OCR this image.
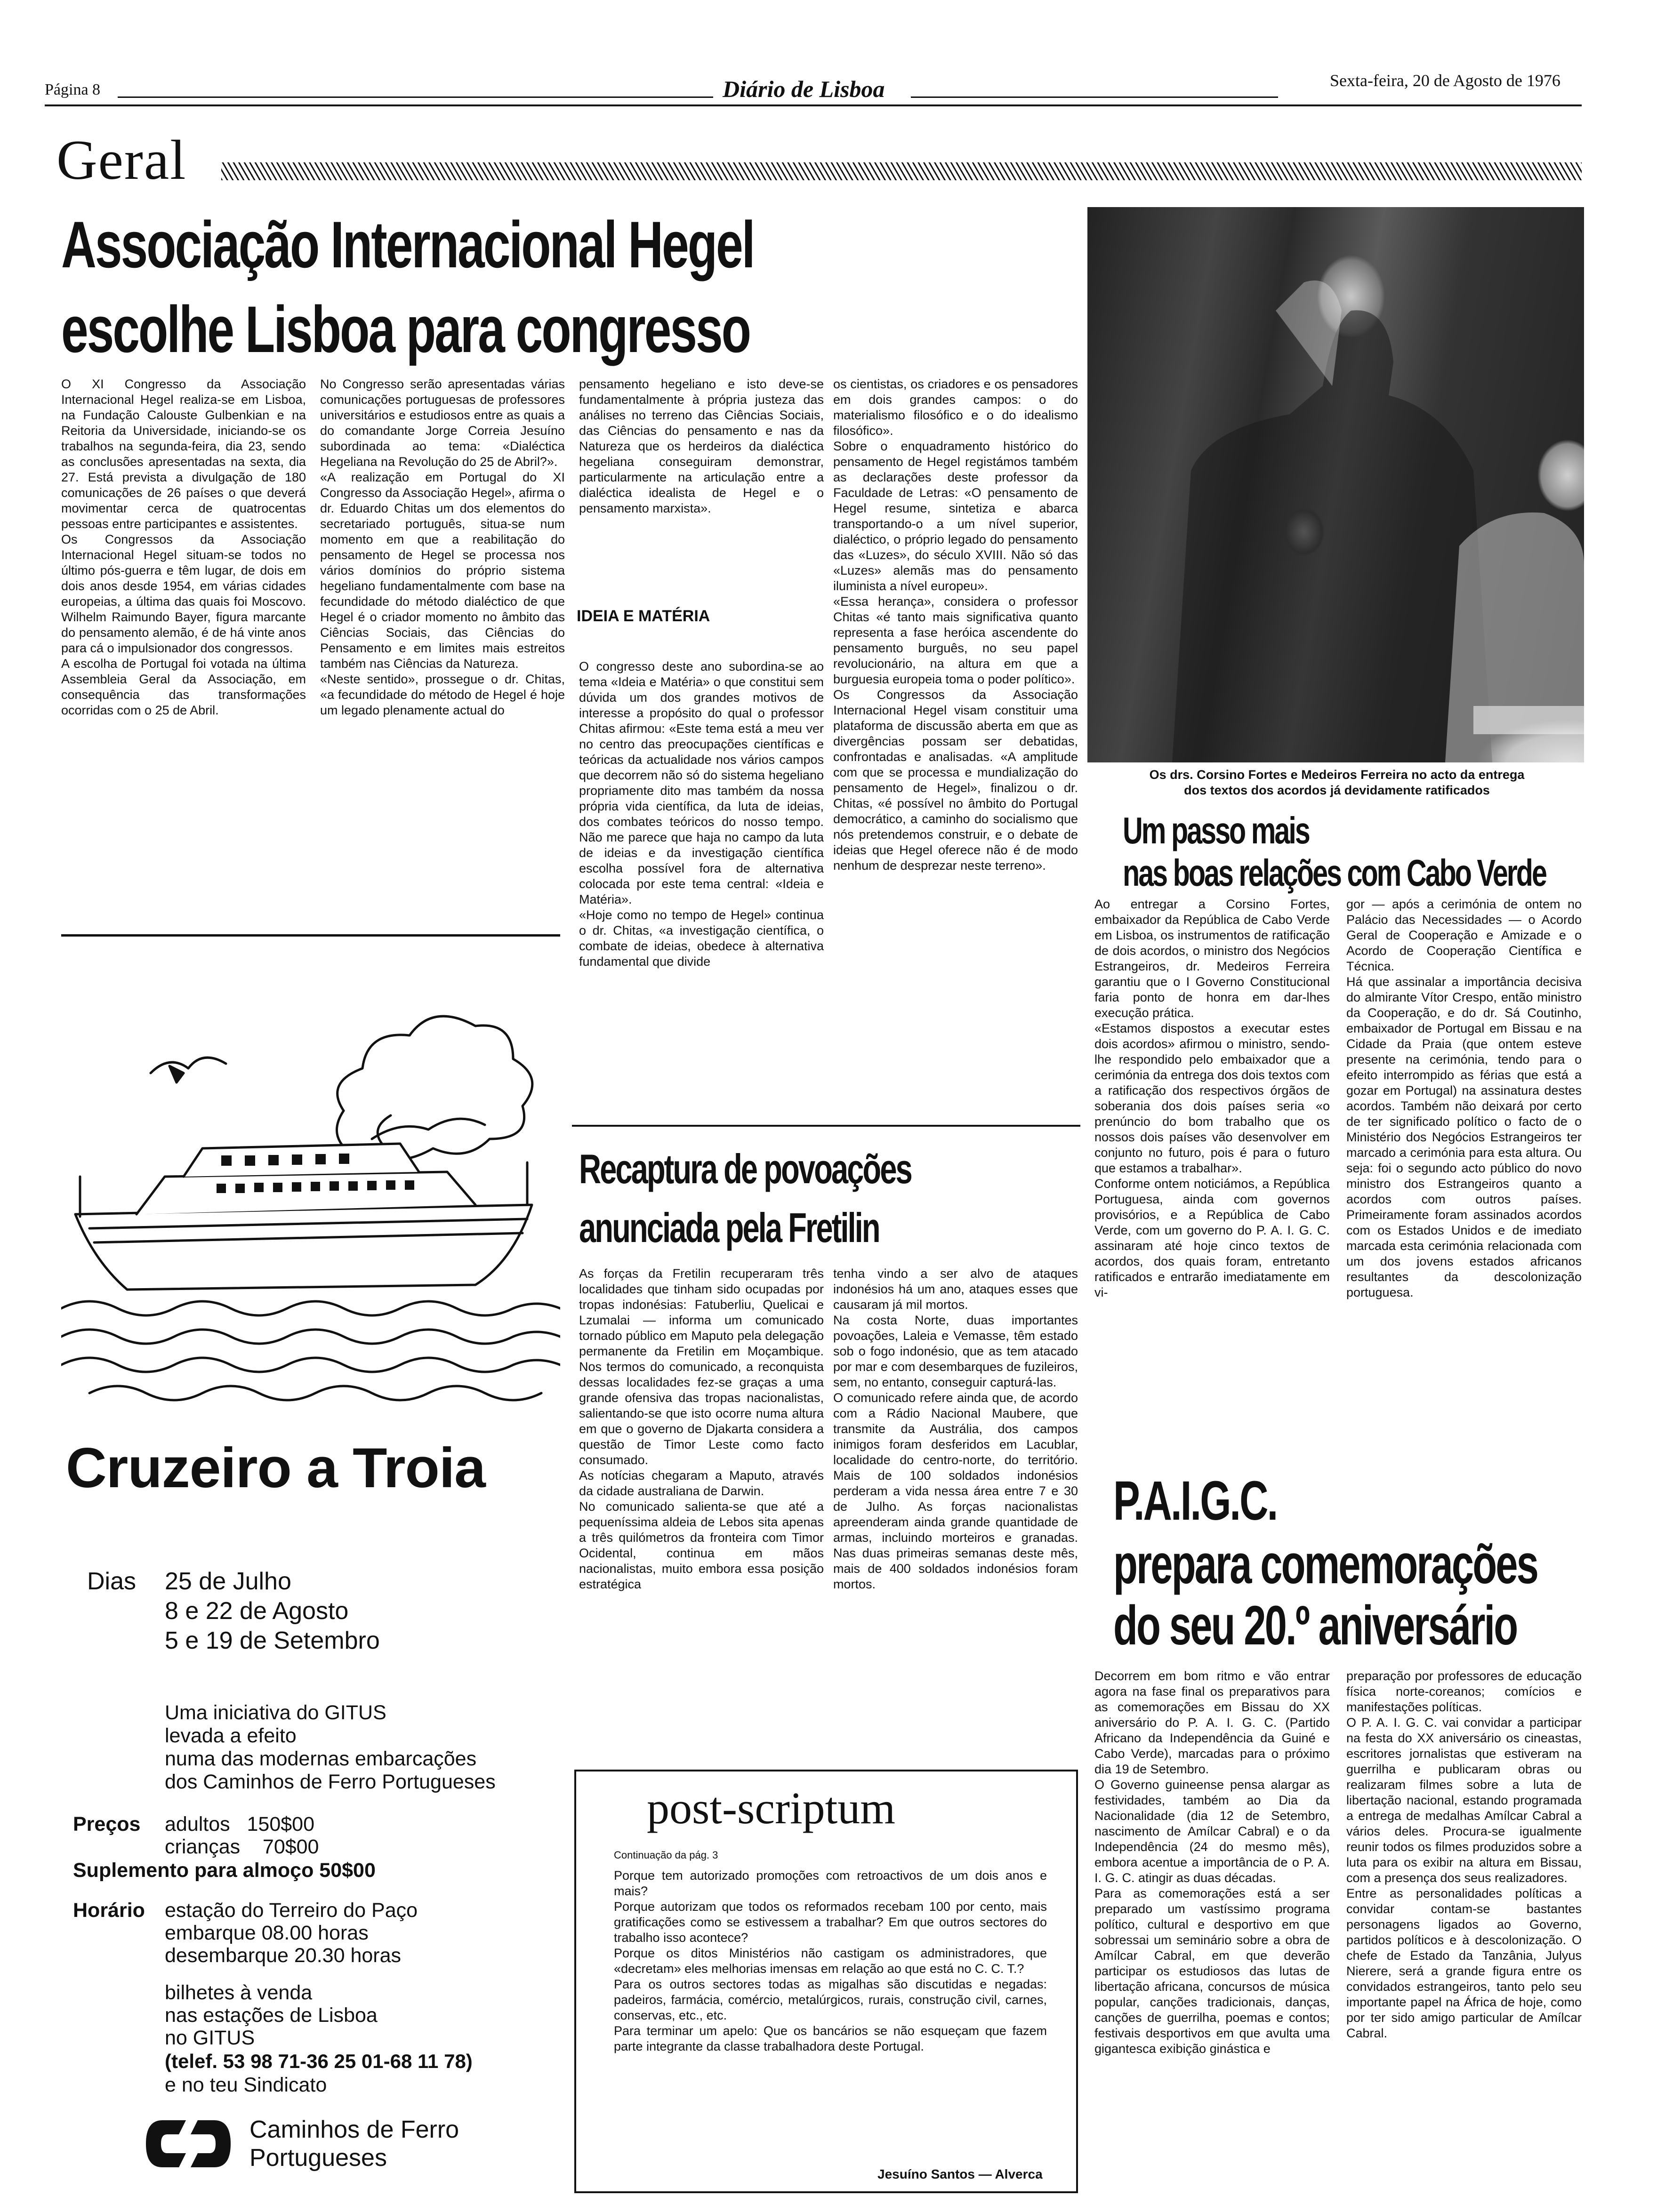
Página 8	Diário de Lisboa	Sexta-feira, 20 de Agosto de 1976
Geral
Associação Internacional Hegel
escolhe Lisboa para congresso
O XI Congresso da Associação Internacional Hegel realiza-se em Lisboa, na Fundação Calouste Gulbenkian e na Reitoria da Universidade, iniciando-se os trabalhos na segunda-feira, dia 23, sendo as conclusões apresentadas na sexta, dia 27. Está prevista a divulgação de 180 comunicações de 26 países o que deverá movimentar cerca de quatrocentas pessoas entre participantes e assistentes.
Os Congressos da Associação Internacional Hegel situam-se todos no último pós-guerra e têm lugar, de dois em dois anos desde 1954, em várias cidades europeias, a última das quais foi Moscovo. Wilhelm Raimundo Bayer, figura marcante do pensamento alemão, é de há vinte anos para cá o impulsionador dos congressos.
A escolha de Portugal foi votada na última Assembleia Geral da Associação, em consequência das transformações ocorridas com o 25 de Abril.
No Congresso serão apresentadas várias comunicações portuguesas de professores universitários e estudiosos entre as quais a do comandante Jorge Correia Jesuíno subordinada ao tema: «Dialéctica Hegeliana na Revolução do 25 de Abril?».
«A realização em Portugal do XI Congresso da Associação Hegel», afirma o dr. Eduardo Chitas um dos elementos do secretariado português, situa-se num momento em que a reabilitação do pensamento de Hegel se processa nos vários domínios do próprio sistema hegeliano fundamentalmente com base na fecundidade do método dialéctico de que Hegel é o criador momento no âmbito das Ciências Sociais, das Ciências do Pensamento e em limites mais estreitos também nas Ciências da Natureza.
«Neste sentido», prossegue o dr. Chitas, «a fecundidade do método de Hegel é hoje um legado plenamente actual do
pensamento hegeliano e isto deve-se fundamentalmente à própria justeza das análises no terreno das Ciências Sociais, das Ciências do pensamento e nas da Natureza que os herdeiros da dialéctica hegeliana conseguiram demonstrar, particularmente na articulação entre a dialéctica idealista de Hegel e o pensamento marxista».
IDEIA E MATÉRIA
O congresso deste ano subordina-se ao tema «Ideia e Matéria» o que constitui sem dúvida um dos grandes motivos de interesse a propósito do qual o professor Chitas afirmou: «Este tema está a meu ver no centro das preocupações científicas e teóricas da actualidade nos vários campos que decorrem não só do sistema hegeliano propriamente dito mas também da nossa própria vida científica, da luta de ideias, dos combates teóricos do nosso tempo. Não me parece que haja no campo da luta de ideias e da investigação científica escolha possível fora de alternativa colocada por este tema central: «Ideia e Matéria».
«Hoje como no tempo de Hegel» continua o dr. Chitas, «a investigação científica, o combate de ideias, obedece à alternativa fundamental que divide
os cientistas, os criadores e os pensadores em dois grandes campos: o do materialismo filosófico e o do idealismo filosófico».
Sobre o enquadramento histórico do pensamento de Hegel registámos também as declarações deste professor da Faculdade de Letras: «O pensamento de Hegel resume, sintetiza e abarca transportando-o a um nível superior, dialéctico, o próprio legado do pensamento das «Luzes», do século XVIII. Não só das «Luzes» alemãs mas do pensamento iluminista a nível europeu».
«Essa herança», considera o professor Chitas «é tanto mais significativa quanto representa a fase heróica ascendente do pensamento burguês, no seu papel revolucionário, na altura em que a burguesia europeia toma o poder político».
Os Congressos da Associação Internacional Hegel visam constituir uma plataforma de discussão aberta em que as divergências possam ser debatidas, confrontadas e analisadas. «A amplitude com que se processa e mundialização do pensamento de Hegel», finalizou o dr. Chitas, «é possível no âmbito do Portugal democrático, a caminho do socialismo que nós pretendemos construir, e o debate de ideias que Hegel oferece não é de modo nenhum de desprezar neste terreno».
Os drs. Corsino Fortes e Medeiros Ferreira no acto da entrega
dos textos dos acordos já devidamente ratificados
Um passo mais
nas boas relações com Cabo Verde
Ao entregar a Corsino Fortes, embaixador da República de Cabo Verde em Lisboa, os instrumentos de ratificação de dois acordos, o ministro dos Negócios Estrangeiros, dr. Medeiros Ferreira garantiu que o I Governo Constitucional faria ponto de honra em dar-lhes execução prática.
«Estamos dispostos a executar estes dois acordos» afirmou o ministro, sendo-lhe respondido pelo embaixador que a cerimónia da entrega dos dois textos com a ratificação dos respectivos órgãos de soberania dos dois países seria «o prenúncio do bom trabalho que os nossos dois países vão desenvolver em conjunto no futuro, pois é para o futuro que estamos a trabalhar».
Conforme ontem noticiámos, a República Portuguesa, ainda com governos provisórios, e a República de Cabo Verde, com um governo do P. A. I. G. C. assinaram até hoje cinco textos de acordos, dos quais foram, entretanto ratificados e entrarão imediatamente em vi-
gor — após a cerimónia de ontem no Palácio das Necessidades — o Acordo Geral de Cooperação e Amizade e o Acordo de Cooperação Científica e Técnica.
Há que assinalar a importância decisiva do almirante Vítor Crespo, então ministro da Cooperação, e do dr. Sá Coutinho, embaixador de Portugal em Bissau e na Cidade da Praia (que ontem esteve presente na cerimónia, tendo para o efeito interrompido as férias que está a gozar em Portugal) na assinatura destes acordos. Também não deixará por certo de ter significado político o facto de o Ministério dos Negócios Estrangeiros ter marcado a cerimónia para esta altura. Ou seja: foi o segundo acto público do novo ministro dos Estrangeiros quanto a acordos com outros países. Primeiramente foram assinados acordos com os Estados Unidos e de imediato marcada esta cerimónia relacionada com um dos jovens estados africanos resultantes da descolonização portuguesa.
Recaptura de povoações
anunciada pela Fretilin
As forças da Fretilin recuperaram três localidades que tinham sido ocupadas por tropas indonésias: Fatuberliu, Quelicai e Lzumalai — informa um comunicado tornado público em Maputo pela delegação permanente da Fretilin em Moçambique. Nos termos do comunicado, a reconquista dessas localidades fez-se graças a uma grande ofensiva das tropas nacionalistas, salientando-se que isto ocorre numa altura em que o governo de Djakarta considera a questão de Timor Leste como facto consumado.
As notícias chegaram a Maputo, através da cidade australiana de Darwin.
No comunicado salienta-se que até a pequeníssima aldeia de Lebos sita apenas a três quilómetros da fronteira com Timor Ocidental, continua em mãos nacionalistas, muito embora essa posição estratégica
tenha vindo a ser alvo de ataques indonésios há um ano, ataques esses que causaram já mil mortos.
Na costa Norte, duas importantes povoações, Laleia e Vemasse, têm estado sob o fogo indonésio, que as tem atacado por mar e com desembarques de fuzileiros, sem, no entanto, conseguir capturá-las.
O comunicado refere ainda que, de acordo com a Rádio Nacional Maubere, que transmite da Austrália, dos campos inimigos foram desferidos em Lacublar, localidade do centro-norte, do território. Mais de 100 soldados indonésios perderam a vida nessa área entre 7 e 30 de Julho. As forças nacionalistas apreenderam ainda grande quantidade de armas, incluindo morteiros e granadas. Nas duas primeiras semanas deste mês, mais de 400 soldados indonésios foram mortos.
P.A.I.G.C.
prepara comemorações
do seu 20.º aniversário
Decorrem em bom ritmo e vão entrar agora na fase final os preparativos para as comemorações em Bissau do XX aniversário do P. A. I. G. C. (Partido Africano da Independência da Guiné e Cabo Verde), marcadas para o próximo dia 19 de Setembro.
O Governo guineense pensa alargar as festividades, também ao Dia da Nacionalidade (dia 12 de Setembro, nascimento de Amílcar Cabral) e o da Independência (24 do mesmo mês), embora acentue a importância de o P. A. I. G. C. atingir as duas décadas.
Para as comemorações está a ser preparado um vastíssimo programa político, cultural e desportivo em que sobressai um seminário sobre a obra de Amílcar Cabral, em que deverão participar os estudiosos das lutas de libertação africana, concursos de música popular, canções tradicionais, danças, canções de guerrilha, poemas e contos; festivais desportivos em que avulta uma gigantesca exibição ginástica e
preparação por professores de educação física norte-coreanos; comícios e manifestações políticas.
O P. A. I. G. C. vai convidar a participar na festa do XX aniversário os cineastas, escritores jornalistas que estiveram na guerrilha e publicaram obras ou realizaram filmes sobre a luta de libertação nacional, estando programada a entrega de medalhas Amílcar Cabral a vários deles. Procura-se igualmente reunir todos os filmes produzidos sobre a luta para os exibir na altura em Bissau, com a presença dos seus realizadores.
Entre as personalidades políticas a convidar contam-se bastantes personagens ligados ao Governo, partidos políticos e à descolonização. O chefe de Estado da Tanzânia, Julyus Nierere, será a grande figura entre os convidados estrangeiros, tanto pelo seu importante papel na África de hoje, como por ter sido amigo particular de Amílcar Cabral.
post-scriptum
Continuação da pág. 3
Porque tem autorizado promoções com retroactivos de um dois anos e mais?
Porque autorizam que todos os reformados recebam 100 por cento, mais gratificações como se estivessem a trabalhar? Em que outros sectores do trabalho isso acontece?
Porque os ditos Ministérios não castigam os administradores, que «decretam» eles melhorias imensas em relação ao que está no C. C. T.?
Para os outros sectores todas as migalhas são discutidas e negadas: padeiros, farmácia, comércio, metalúrgicos, rurais, construção civil, carnes, conservas, etc., etc.
Para terminar um apelo: Que os bancários se não esqueçam que fazem parte integrante da classe trabalhadora deste Portugal.
Jesuíno Santos — Alverca
Cruzeiro a Troia
Dias 25 de Julho
8 e 22 de Agosto
5 e 19 de Setembro
Uma iniciativa do GITUS
levada a efeito
numa das modernas embarcações
dos Caminhos de Ferro Portugueses
Preços adultos   150$00
crianças    70$00
Suplemento para almoço 50$00
Horário estação do Terreiro do Paço
embarque 08.00 horas
desembarque 20.30 horas
bilhetes à venda
nas estações de Lisboa
no GITUS
(telef. 53 98 71-36 25 01-68 11 78)
e no teu Sindicato
Caminhos de Ferro
Portugueses
